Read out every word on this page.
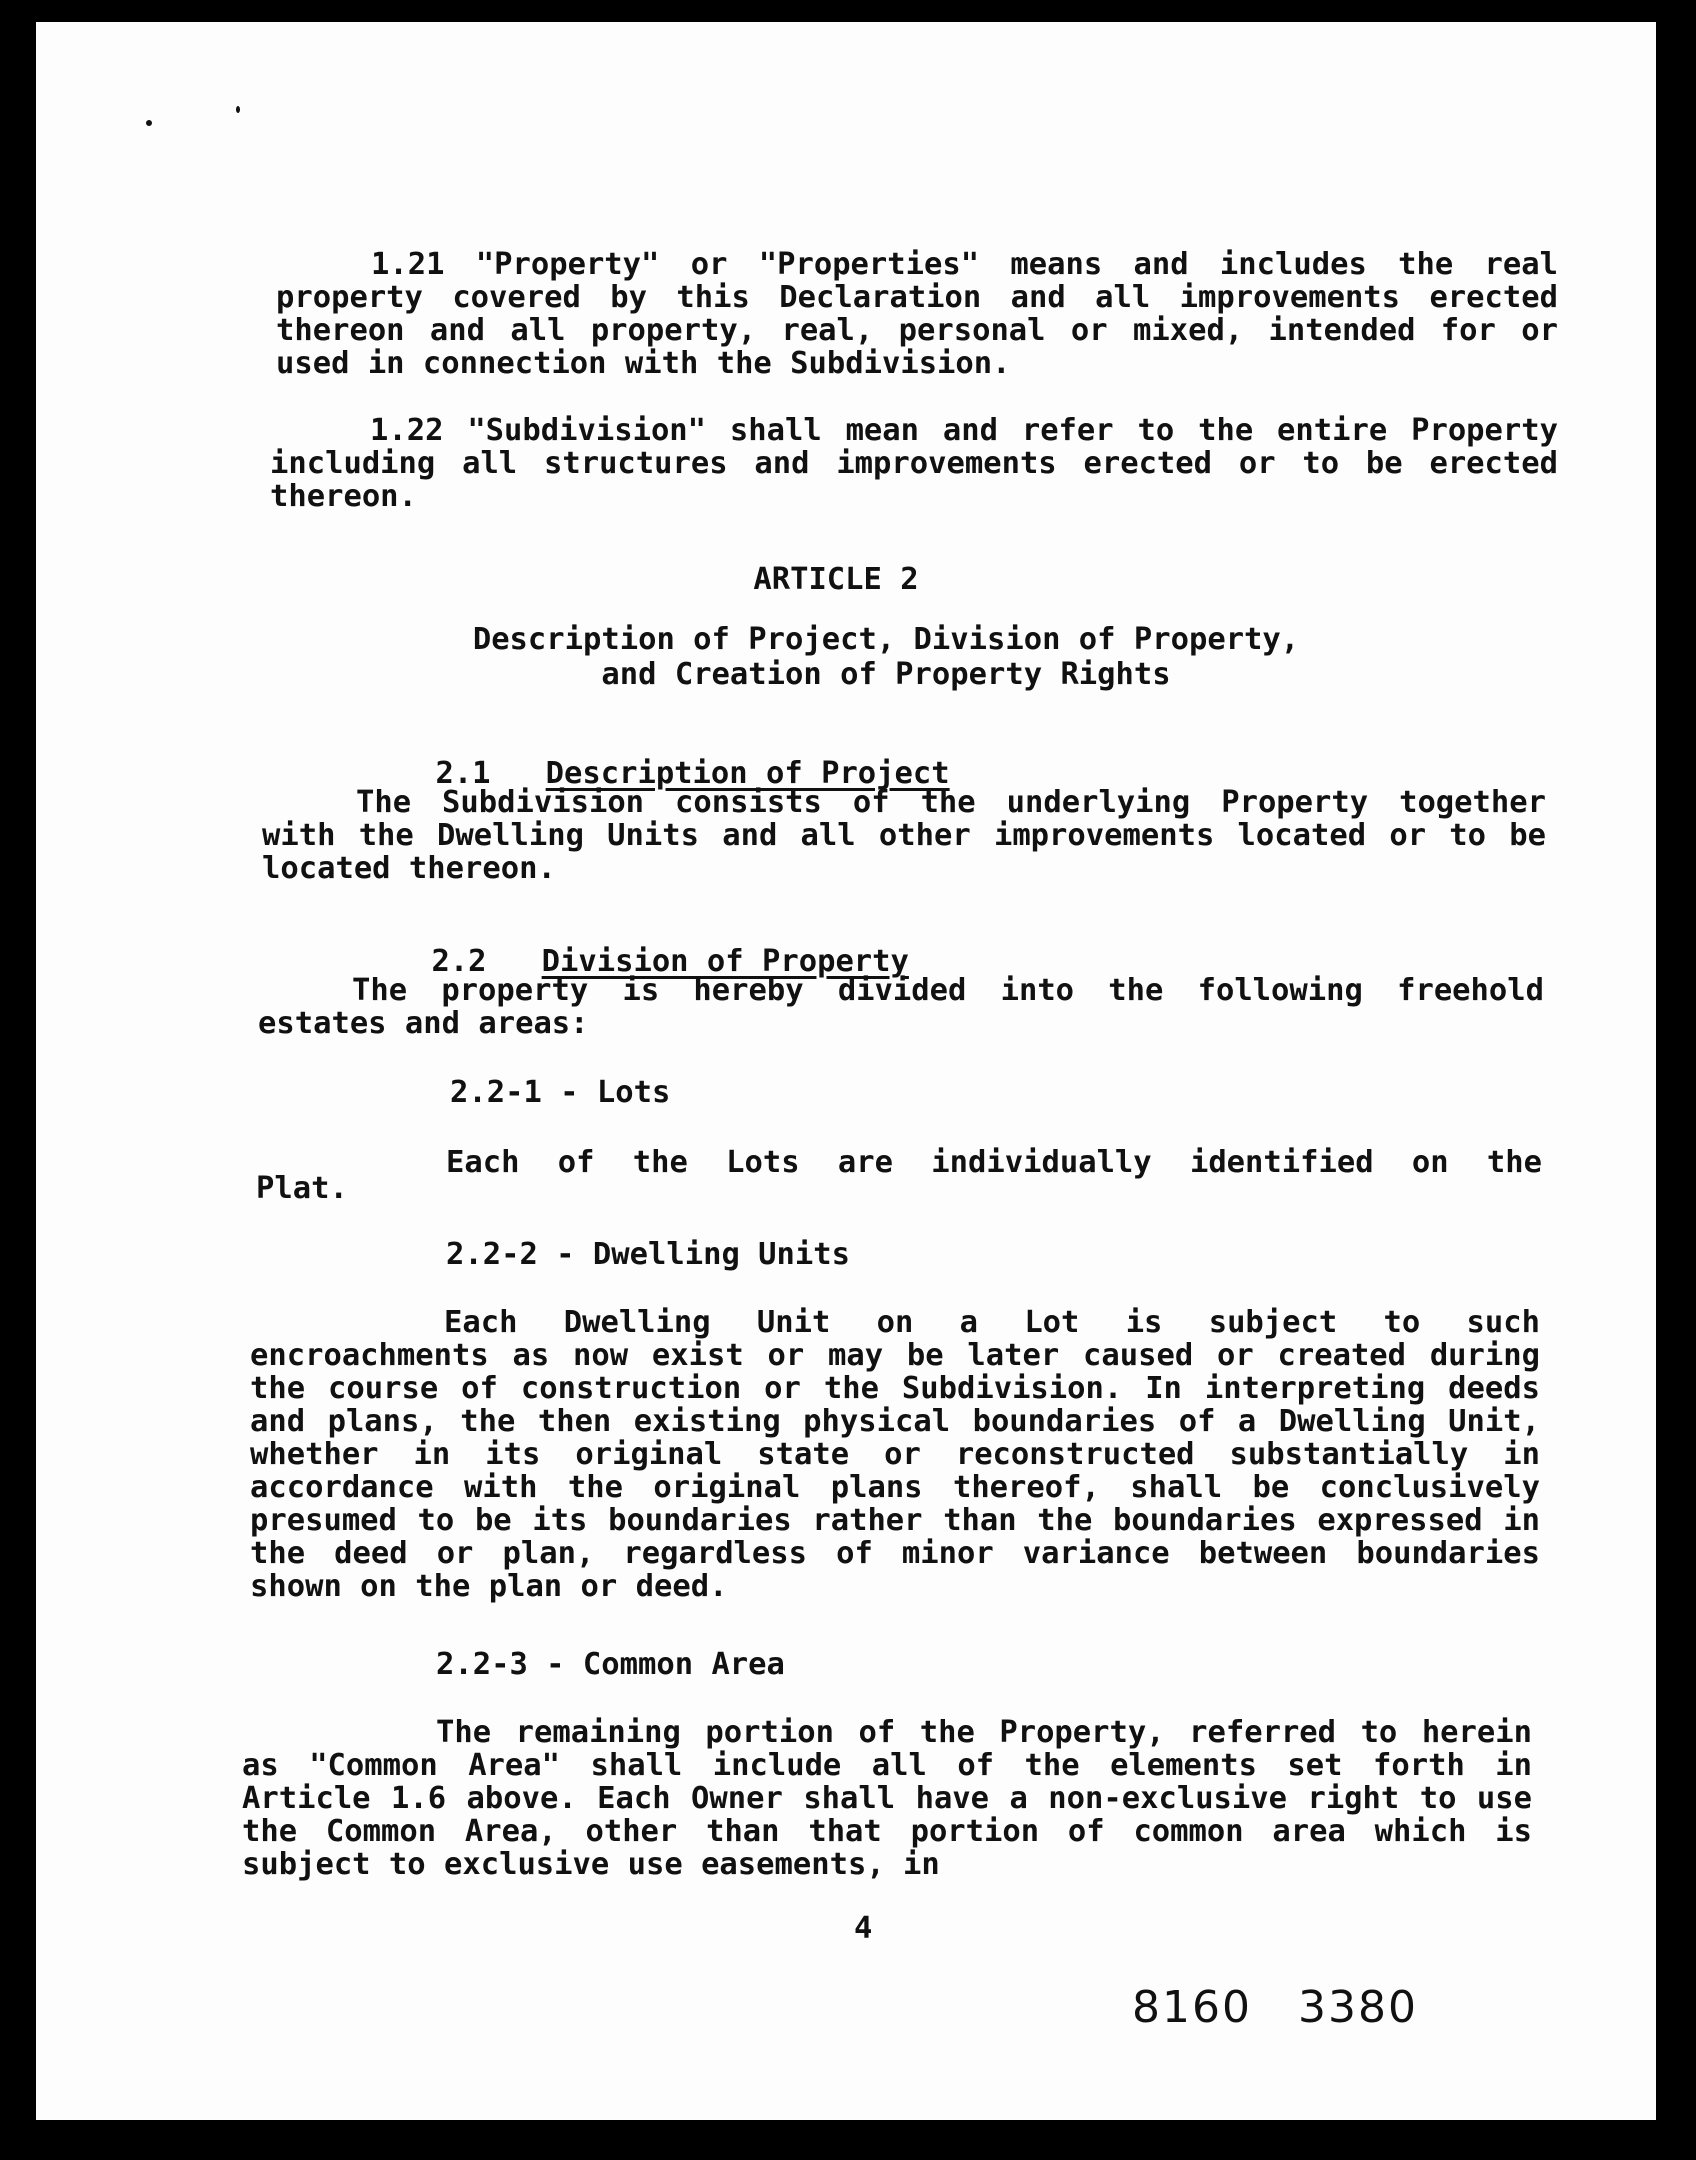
1.21 "Property" or "Properties" means and includes the real property covered by this Declaration and all improvements erected thereon and all property, real, personal or mixed, intended for or used in connection with the Subdivision.
1.22 "Subdivision" shall mean and refer to the entire Property including all structures and improvements erected or to be erected thereon.
ARTICLE 2
Description of Project, Division of Property,
and Creation of Property Rights

2.1 Description of Project

The Subdivision consists of the underlying Property together with the Dwelling Units and all other improvements located or to be located thereon.

2.2 Division of Property

The property is hereby divided into the following freehold estates and areas:
2.2-1 - Lots
Each of the Lots are individually identified on the
Plat.
2.2-2 - Dwelling Units
Each Dwelling Unit on a Lot is subject to such encroachments as now exist or may be later caused or created during the course of construction or the Subdivision. In interpreting deeds and plans, the then existing physical boundaries of a Dwelling Unit, whether in its original state or reconstructed substantially in accordance with the original plans thereof, shall be conclusively presumed to be its boundaries rather than the boundaries expressed in the deed or plan, regardless of minor variance between boundaries shown on the plan or deed.
2.2-3 - Common Area
The remaining portion of the Property, referred to herein as "Common Area" shall include all of the elements set forth in Article 1.6 above. Each Owner shall have a non-exclusive right to use the Common Area, other than that portion of common area which is subject to exclusive use easements, in
4
8160 3380
